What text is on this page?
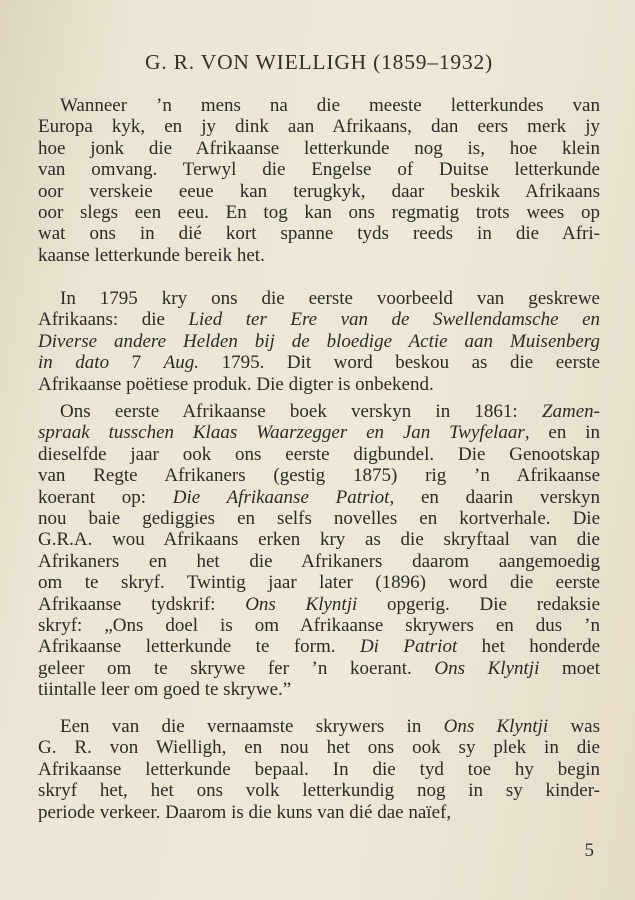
G. R. VON WIELLIGH (1859–1932)
Wanneer ’n mens na die meeste letterkundes van
Europa kyk, en jy dink aan Afrikaans, dan eers merk jy
hoe jonk die Afrikaanse letterkunde nog is, hoe klein
van omvang. Terwyl die Engelse of Duitse letterkunde
oor verskeie eeue kan terugkyk, daar beskik Afrikaans
oor slegs een eeu. En tog kan ons regmatig trots wees op
wat ons in dié kort spanne tyds reeds in die Afri-
kaanse letterkunde bereik het.
In 1795 kry ons die eerste voorbeeld van geskrewe
Afrikaans: die Lied ter Ere van de Swellendamsche en
Diverse andere Helden bij de bloedige Actie aan Muisenberg
in dato 7 Aug. 1795. Dit word beskou as die eerste
Afrikaanse poëtiese produk. Die digter is onbekend.
Ons eerste Afrikaanse boek verskyn in 1861: Zamen-
spraak tusschen Klaas Waarzegger en Jan Twyfelaar, en in
dieselfde jaar ook ons eerste digbundel. Die Genootskap
van Regte Afrikaners (gestig 1875) rig ’n Afrikaanse
koerant op: Die Afrikaanse Patriot, en daarin verskyn
nou baie gediggies en selfs novelles en kortverhale. Die
G.R.A. wou Afrikaans erken kry as die skryftaal van die
Afrikaners en het die Afrikaners daarom aangemoedig
om te skryf. Twintig jaar later (1896) word die eerste
Afrikaanse tydskrif: Ons Klyntji opgerig. Die redaksie
skryf: „Ons doel is om Afrikaanse skrywers en dus ’n
Afrikaanse letterkunde te form. Di Patriot het honderde
geleer om te skrywe fer ’n koerant. Ons Klyntji moet
tiintalle leer om goed te skrywe.”
Een van die vernaamste skrywers in Ons Klyntji was
G. R. von Wielligh, en nou het ons ook sy plek in die
Afrikaanse letterkunde bepaal. In die tyd toe hy begin
skryf het, het ons volk letterkundig nog in sy kinder-
periode verkeer. Daarom is die kuns van dié dae naïef,
5
